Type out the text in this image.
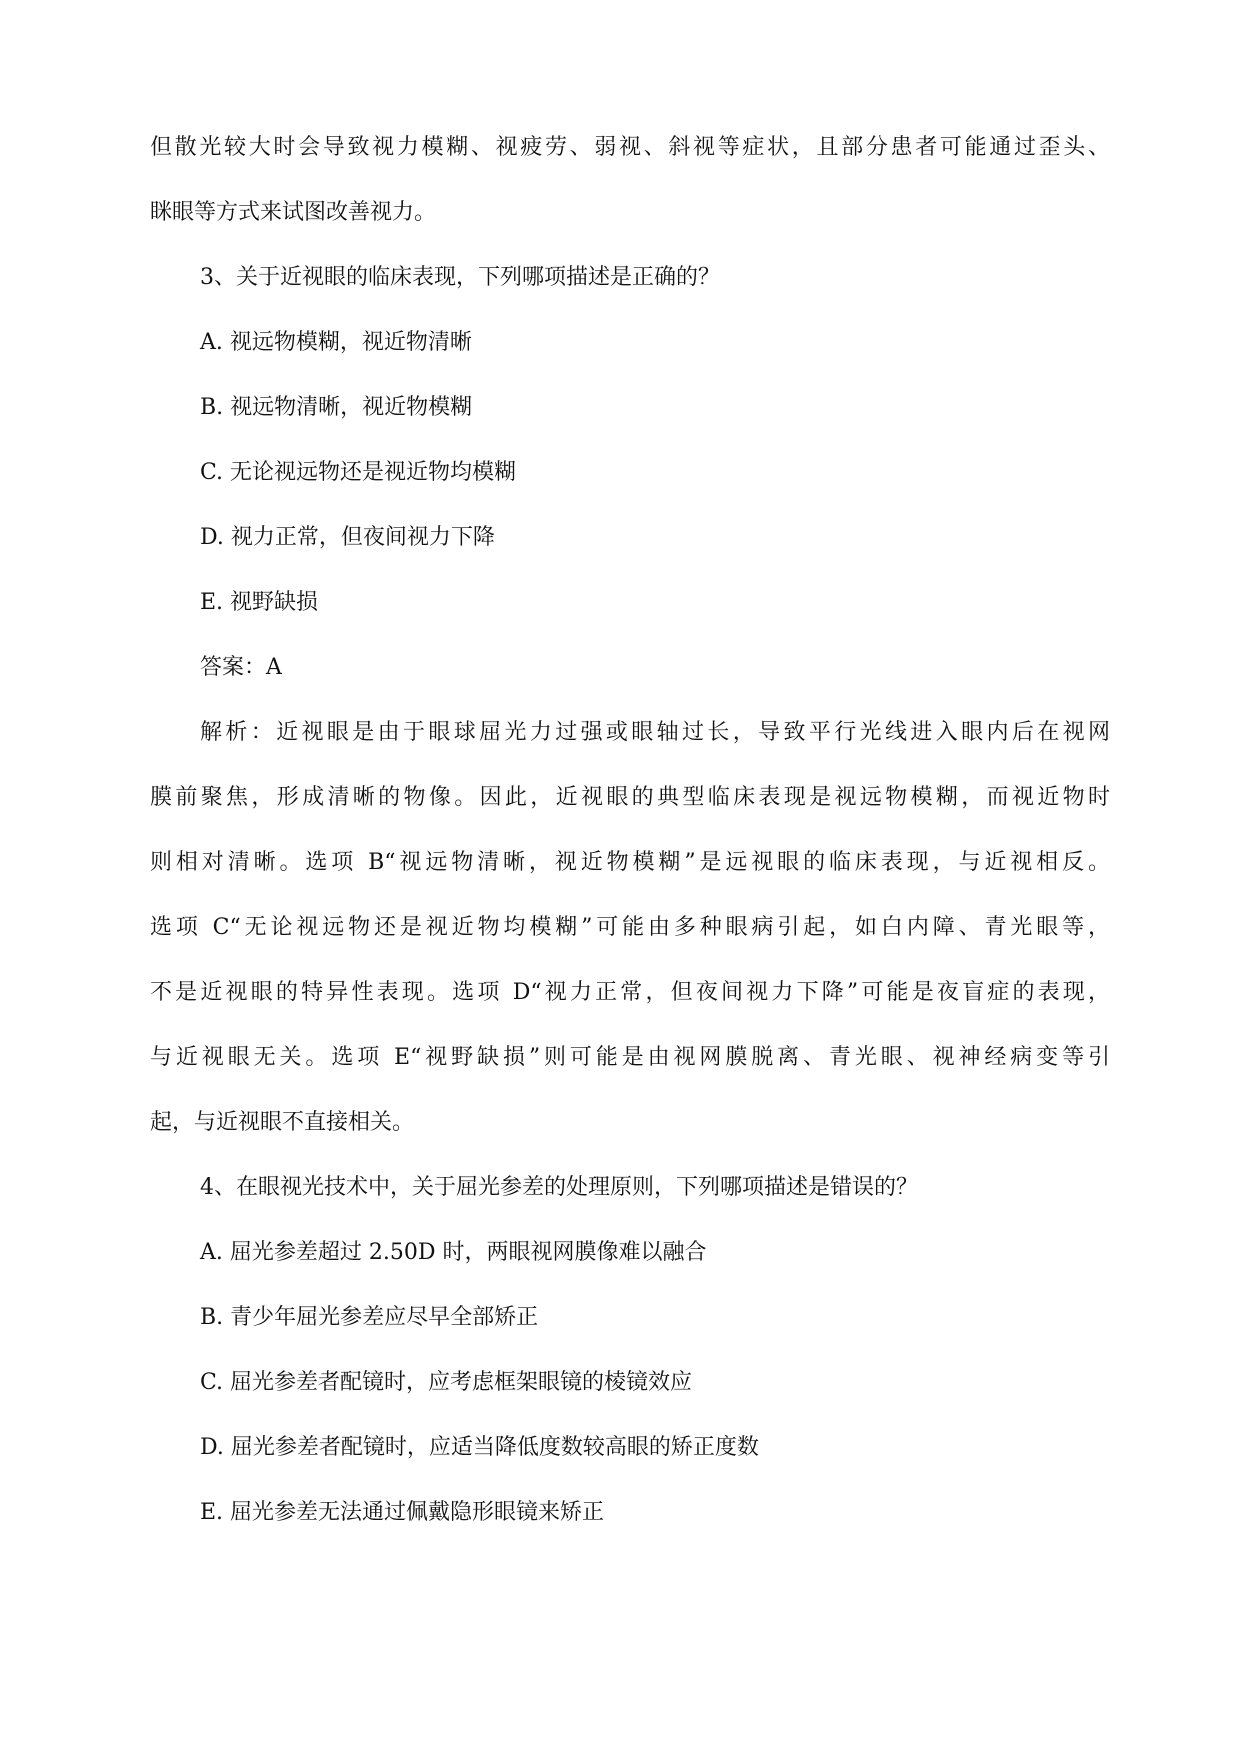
但散光较大时会导致视力模糊、视疲劳、弱视、斜视等症状，且部分患者可能通过歪头、
眯眼等方式来试图改善视力。
3、关于近视眼的临床表现，下列哪项描述是正确的？
A. 视远物模糊，视近物清晰
B. 视远物清晰，视近物模糊
C. 无论视远物还是视近物均模糊
D. 视力正常，但夜间视力下降
E. 视野缺损
答案：A
解析：近视眼是由于眼球屈光力过强或眼轴过长，导致平行光线进入眼内后在视网
膜前聚焦，形成清晰的物像。因此，近视眼的典型临床表现是视远物模糊，而视近物时
则相对清晰。选项 B“视远物清晰，视近物模糊”是远视眼的临床表现，与近视相反。
选项 C“无论视远物还是视近物均模糊”可能由多种眼病引起，如白内障、青光眼等，
不是近视眼的特异性表现。选项 D“视力正常，但夜间视力下降”可能是夜盲症的表现，
与近视眼无关。选项 E“视野缺损”则可能是由视网膜脱离、青光眼、视神经病变等引
起，与近视眼不直接相关。
4、在眼视光技术中，关于屈光参差的处理原则，下列哪项描述是错误的？
A. 屈光参差超过 2.50D 时，两眼视网膜像难以融合
B. 青少年屈光参差应尽早全部矫正
C. 屈光参差者配镜时，应考虑框架眼镜的棱镜效应
D. 屈光参差者配镜时，应适当降低度数较高眼的矫正度数
E. 屈光参差无法通过佩戴隐形眼镜来矫正
